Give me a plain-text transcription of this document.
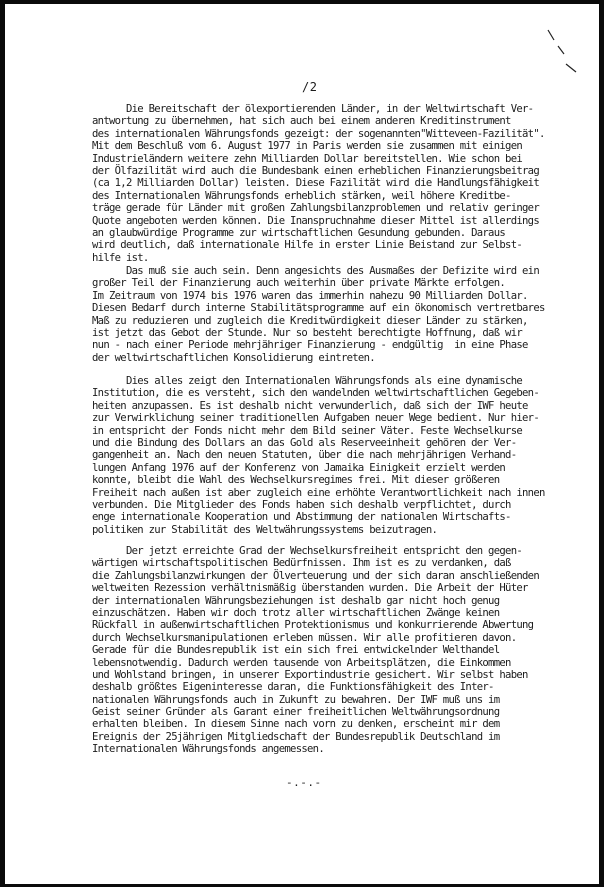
/2
Die Bereitschaft der ölexportierenden Länder, in der Weltwirtschaft Ver-
antwortung zu übernehmen, hat sich auch bei einem anderen Kreditinstrument
des internationalen Währungsfonds gezeigt: der sogenannten"Witteveen-Fazilität".
Mit dem Beschluß vom 6. August 1977 in Paris werden sie zusammen mit einigen
Industrieländern weitere zehn Milliarden Dollar bereitstellen. Wie schon bei
der Ölfazilität wird auch die Bundesbank einen erheblichen Finanzierungsbeitrag
(ca 1,2 Milliarden Dollar) leisten. Diese Fazilität wird die Handlungsfähigkeit
des Internationalen Währungsfonds erheblich stärken, weil höhere Kreditbe-
träge gerade für Länder mit großen Zahlungsbilanzproblemen und relativ geringer
Quote angeboten werden können. Die Inanspruchnahme dieser Mittel ist allerdings
an glaubwürdige Programme zur wirtschaftlichen Gesundung gebunden. Daraus
wird deutlich, daß internationale Hilfe in erster Linie Beistand zur Selbst-
hilfe ist.
Das muß sie auch sein. Denn angesichts des Ausmaßes der Defizite wird ein
großer Teil der Finanzierung auch weiterhin über private Märkte erfolgen.
Im Zeitraum von 1974 bis 1976 waren das immerhin nahezu 90 Milliarden Dollar.
Diesen Bedarf durch interne Stabilitätsprogramme auf ein ökonomisch vertretbares
Maß zu reduzieren und zugleich die Kreditwürdigkeit dieser Länder zu stärken,
ist jetzt das Gebot der Stunde. Nur so besteht berechtigte Hoffnung, daß wir
nun - nach einer Periode mehrjähriger Finanzierung - endgültig  in eine Phase
der weltwirtschaftlichen Konsolidierung eintreten.
Dies alles zeigt den Internationalen Währungsfonds als eine dynamische
Institution, die es versteht, sich den wandelnden weltwirtschaftlichen Gegeben-
heiten anzupassen. Es ist deshalb nicht verwunderlich, daß sich der IWF heute
zur Verwirklichung seiner traditionellen Aufgaben neuer Wege bedient. Nur hier-
in entspricht der Fonds nicht mehr dem Bild seiner Väter. Feste Wechselkurse
und die Bindung des Dollars an das Gold als Reserveeinheit gehören der Ver-
gangenheit an. Nach den neuen Statuten, über die nach mehrjährigen Verhand-
lungen Anfang 1976 auf der Konferenz von Jamaika Einigkeit erzielt werden
konnte, bleibt die Wahl des Wechselkursregimes frei. Mit dieser größeren
Freiheit nach außen ist aber zugleich eine erhöhte Verantwortlichkeit nach innen
verbunden. Die Mitglieder des Fonds haben sich deshalb verpflichtet, durch
enge internationale Kooperation und Abstimmung der nationalen Wirtschafts-
politiken zur Stabilität des Weltwährungssystems beizutragen.
Der jetzt erreichte Grad der Wechselkursfreiheit entspricht den gegen-
wärtigen wirtschaftspolitischen Bedürfnissen. Ihm ist es zu verdanken, daß
die Zahlungsbilanzwirkungen der Ölverteuerung und der sich daran anschließenden
weltweiten Rezession verhältnismäßig überstanden wurden. Die Arbeit der Hüter
der internationalen Währungsbeziehungen ist deshalb gar nicht hoch genug
einzuschätzen. Haben wir doch trotz aller wirtschaftlichen Zwänge keinen
Rückfall in außenwirtschaftlichen Protektionismus und konkurrierende Abwertung
durch Wechselkursmanipulationen erleben müssen. Wir alle profitieren davon.
Gerade für die Bundesrepublik ist ein sich frei entwickelnder Welthandel
lebensnotwendig. Dadurch werden tausende von Arbeitsplätzen, die Einkommen
und Wohlstand bringen, in unserer Exportindustrie gesichert. Wir selbst haben
deshalb größtes Eigeninteresse daran, die Funktionsfähigkeit des Inter-
nationalen Währungsfonds auch in Zukunft zu bewahren. Der IWF muß uns im
Geist seiner Gründer als Garant einer freiheitlichen Weltwährungsordnung
erhalten bleiben. In diesem Sinne nach vorn zu denken, erscheint mir dem
Ereignis der 25jährigen Mitgliedschaft der Bundesrepublik Deutschland im
Internationalen Währungsfonds angemessen.
-.-.-
